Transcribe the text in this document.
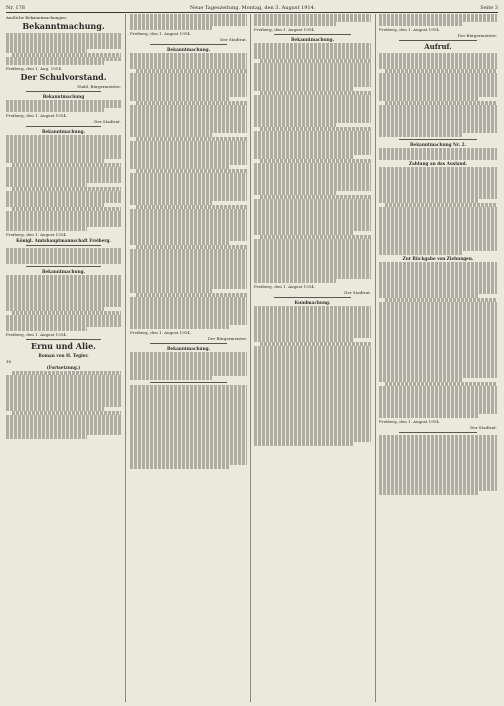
Nr. 178	Neue Tageszeitung. Montag, den 3. August 1914.	Seite 3
Amtliche Bekanntmachungen.
Bekanntmachung.
Freiberg, den 1. Aug. 1914.
Der Schulvorstand.
Stahl, Bürgermeister.
Bekanntmachung
Freiberg, den 1. August 1914.
Der Stadtrat.
Bekanntmachung.
Freiberg, den 1. August 1914.
Königl. Amtshauptmannschaft Freiberg.
Bekanntmachung.
Freiberg, den 1. August 1914.
Ernu und Alie.
Roman von H. Tegler.
18
(Fortsetzung.)
Freiberg, den 1. August 1914.
Der Stadtrat.
Bekanntmachung.
Freiberg, den 1. August 1914.
Der Bürgermeister.
Bekanntmachung.
Freiberg, den 1. August 1914.
Bekanntmachung.
Freiberg, den 1. August 1914.
Der Stadtrat.
Kundmachung.
Freiberg, den 1. August 1914.
Der Bürgermeister.
Aufruf.
Bekanntmachung Nr. 2.
Zahlung an das Ausland.
Zur Rückgabe von Ziehungen.
Freiberg, den 1. August 1914.
Der Stadtrat.
